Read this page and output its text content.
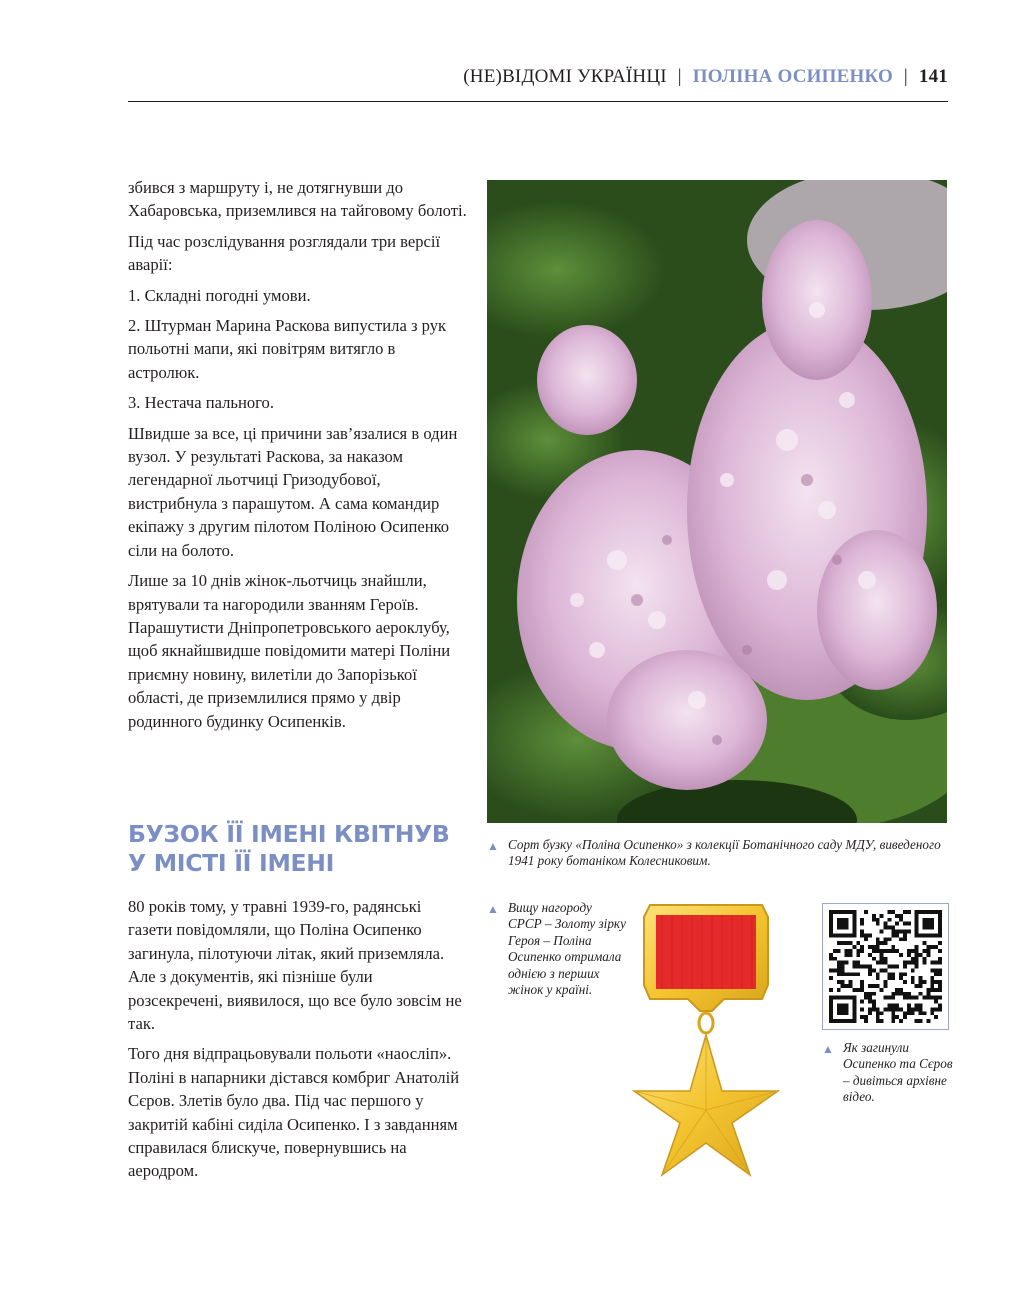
(НЕ)ВІДОМІ УКРАЇНЦІ | ПОЛІНА ОСИПЕНКО | 141

збився з маршруту і, не дотягнувши до Хабаровська, приземлився на тайговому болоті.

Під час розслідування розглядали три версії аварії:

1. Складні погодні умови.

2. Штурман Марина Раскова випустила з рук польотні мапи, які повітрям витягло в астролюк.

3. Нестача пального.

Швидше за все, ці причини зав’язалися в один вузол. У результаті Раскова, за наказом легендарної льотчиці Гризодубової, вистрибнула з парашутом. А сама командир екіпажу з другим пілотом Поліною Осипенко сіли на болото.

Лише за 10 днів жінок-льотчиць знайшли, врятували та нагородили званням Героїв. Парашутисти Дніпропетровського аероклубу, щоб якнайшвидше повідомити матері Поліни приємну новину, вилетіли до Запорізької області, де приземлилися прямо у двір родинного будинку Осипенків.

БУЗОК ЇЇ ІМЕНІ КВІТНУВ
У МІСТІ ЇЇ ІМЕНІ

80 років тому, у травні 1939-го, радянські газети повідомляли, що Поліна Осипенко загинула, пілотуючи літак, який приземляла. Але з документів, які пізніше були розсекречені, виявилося, що все було зовсім не так.

Того дня відпрацьовували польоти «наосліп». Поліні в напарники дістався комбриг Анатолій Сєров. Злетів було два. Під час першого у закритій кабіні сиділа Осипенко. І з завданням справилася блискуче, повернувшись на аеродром.

▲ Сорт бузку «Поліна Осипенко» з колекції Ботанічного саду МДУ, виведеного 1941 року ботаніком Колесниковим.
▲ Вищу нагороду СРСР – Золоту зірку Героя – Поліна Осипенко отримала однією з перших жінок у країні.
▲ Як загинули Осипенко та Сєров – дивіться архівне відео.
